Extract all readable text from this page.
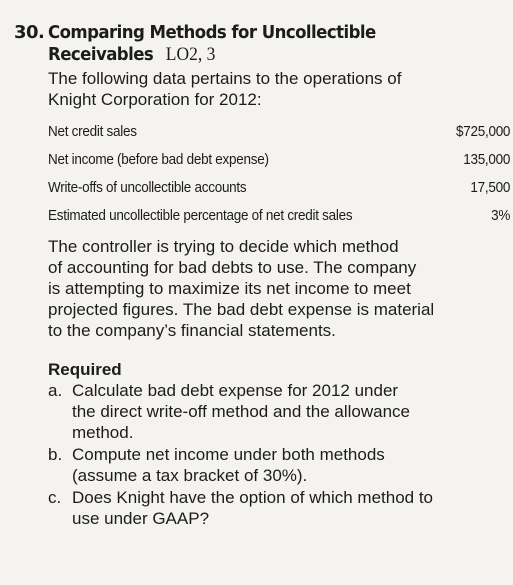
30. Comparing Methods for Uncollectible
Receivables LO2, 3
The following data pertains to the operations of
Knight Corporation for 2012:
Net credit sales	$725,000
Net income (before bad debt expense)	135,000
Write-offs of uncollectible accounts	17,500
Estimated uncollectible percentage of net credit sales	3%
The controller is trying to decide which method
of accounting for bad debts to use. The company
is attempting to maximize its net income to meet
projected figures. The bad debt expense is material
to the company’s financial statements.
Required
a. Calculate bad debt expense for 2012 under
the direct write-off method and the allowance
method.
b. Compute net income under both methods
(assume a tax bracket of 30%).
c. Does Knight have the option of which method to
use under GAAP?
